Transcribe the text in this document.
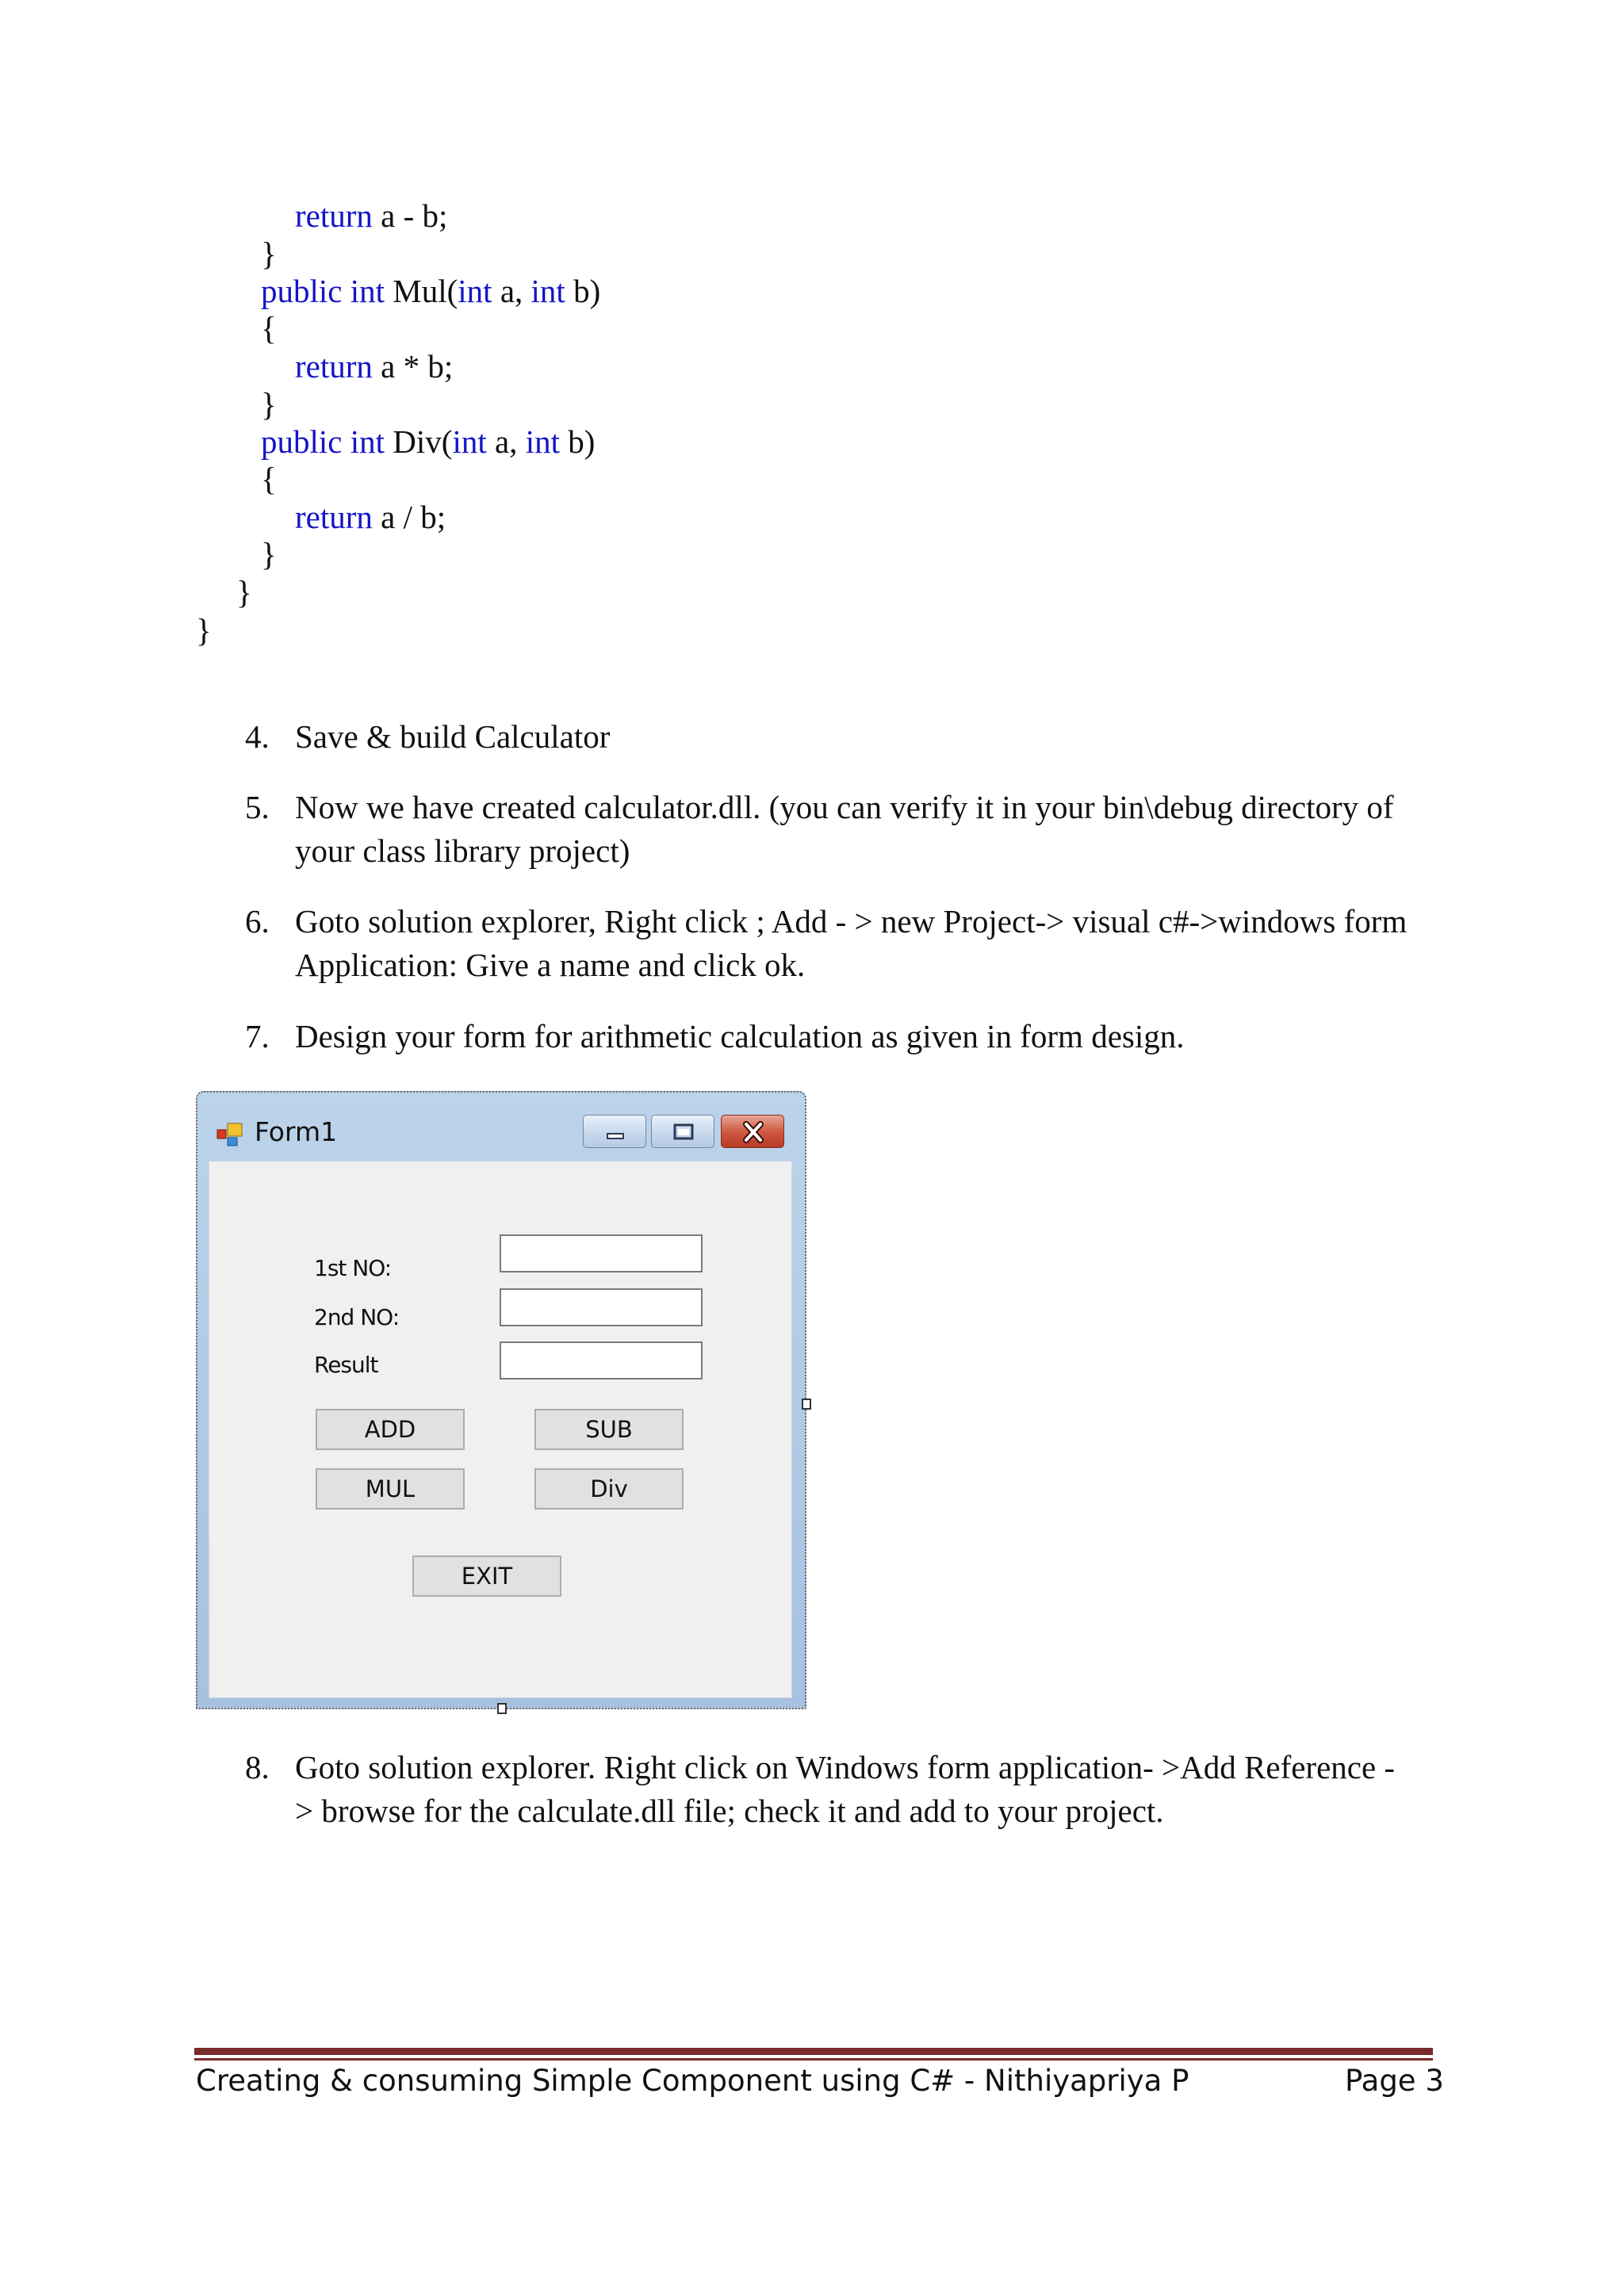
return a - b;
}
public int Mul(int a, int b)
{
return a * b;
}
public int Div(int a, int b)
{
return a / b;
}
}
}
4. Save & build Calculator
5. Now we have created calculator.dll. (you can verify it in your bin\debug directory of
your class library project)
6. Goto solution explorer, Right click ; Add - > new Project-> visual c#->windows form
Application: Give a name and click ok.
7. Design your form for arithmetic calculation as given in form design.
Form1
1st NO:
2nd NO:
Result
ADD	SUB
MUL	Div
EXIT
8. Goto solution explorer. Right click on Windows form application- >Add Reference -
> browse for the calculate.dll file; check it and add to your project.
Creating & consuming Simple Component using C# - Nithiyapriya P	Page 3
